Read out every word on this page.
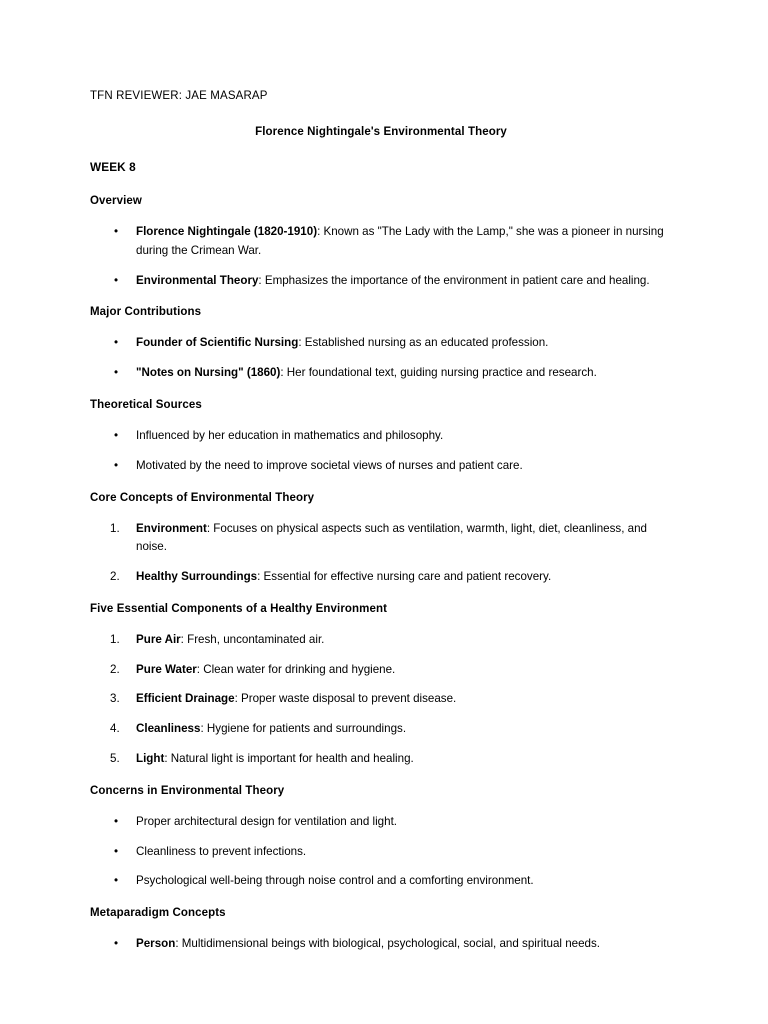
TFN REVIEWER: JAE MASARAP
Florence Nightingale's Environmental Theory
WEEK 8
Overview
• Florence Nightingale (1820-1910): Known as "The Lady with the Lamp," she was a pioneer in nursing during the Crimean War.
• Environmental Theory: Emphasizes the importance of the environment in patient care and healing.
Major Contributions
• Founder of Scientific Nursing: Established nursing as an educated profession.
• "Notes on Nursing" (1860): Her foundational text, guiding nursing practice and research.
Theoretical Sources
• Influenced by her education in mathematics and philosophy.
• Motivated by the need to improve societal views of nurses and patient care.
Core Concepts of Environmental Theory
Environment: Focuses on physical aspects such as ventilation, warmth, light, diet, cleanliness, and noise.
Healthy Surroundings: Essential for effective nursing care and patient recovery.
Five Essential Components of a Healthy Environment
Pure Air: Fresh, uncontaminated air.
Pure Water: Clean water for drinking and hygiene.
Efficient Drainage: Proper waste disposal to prevent disease.
Cleanliness: Hygiene for patients and surroundings.
Light: Natural light is important for health and healing.
Concerns in Environmental Theory
• Proper architectural design for ventilation and light.
• Cleanliness to prevent infections.
• Psychological well-being through noise control and a comforting environment.
Metaparadigm Concepts
• Person: Multidimensional beings with biological, psychological, social, and spiritual needs.
